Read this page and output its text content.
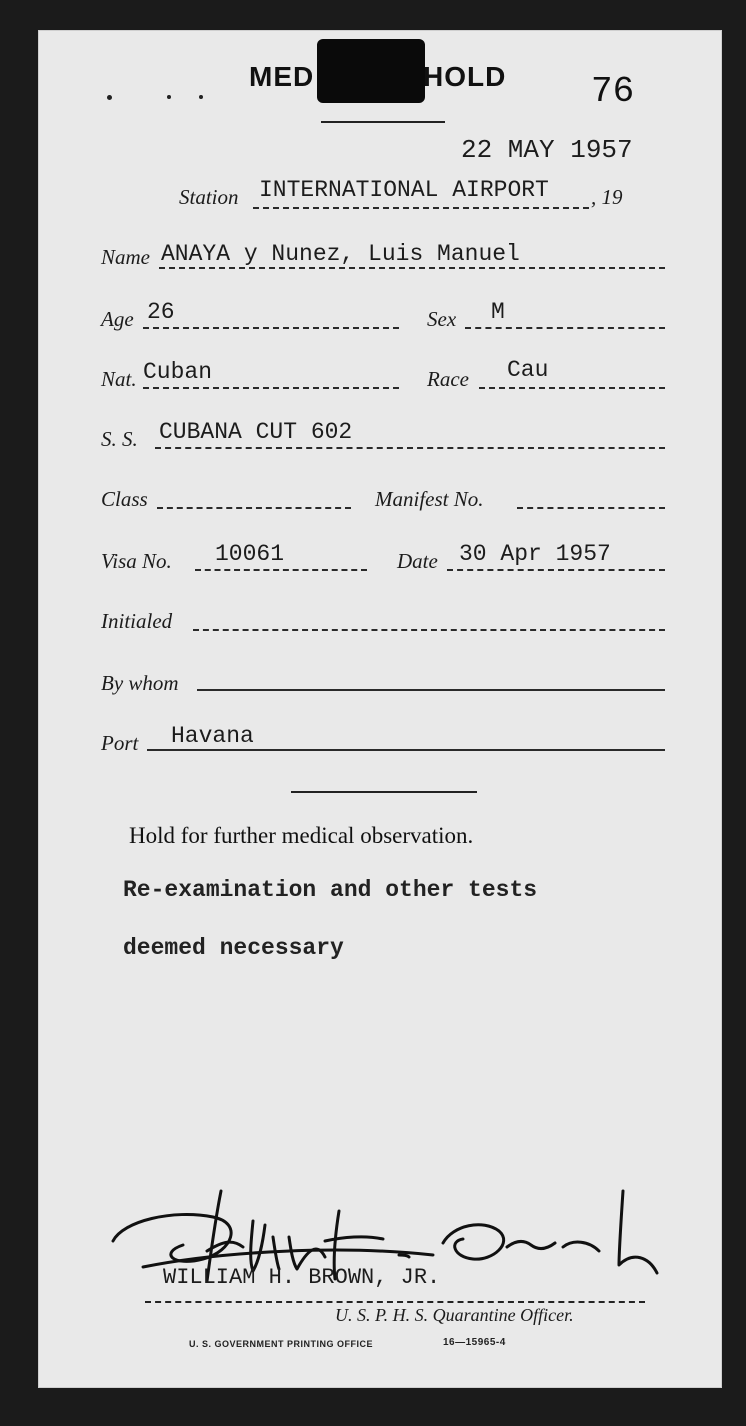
MED	HOLD 76
22 MAY 1957
Station INTERNATIONAL AIRPORT , 19
Name ANAYA y Nunez, Luis Manuel
Age 26	Sex M
Nat. Cuban	Race Cau
S. S. CUBANA CUT 602
Class	Manifest No.
Visa No. 10061	Date 30 Apr 1957
Initialed
By whom
Port Havana
Hold for further medical observation.
Re-examination and other tests
deemed necessary
WILLIAM H. BROWN, JR.
U. S. P. H. S. Quarantine Officer.
U. S. GOVERNMENT PRINTING OFFICE	16—15965-4
